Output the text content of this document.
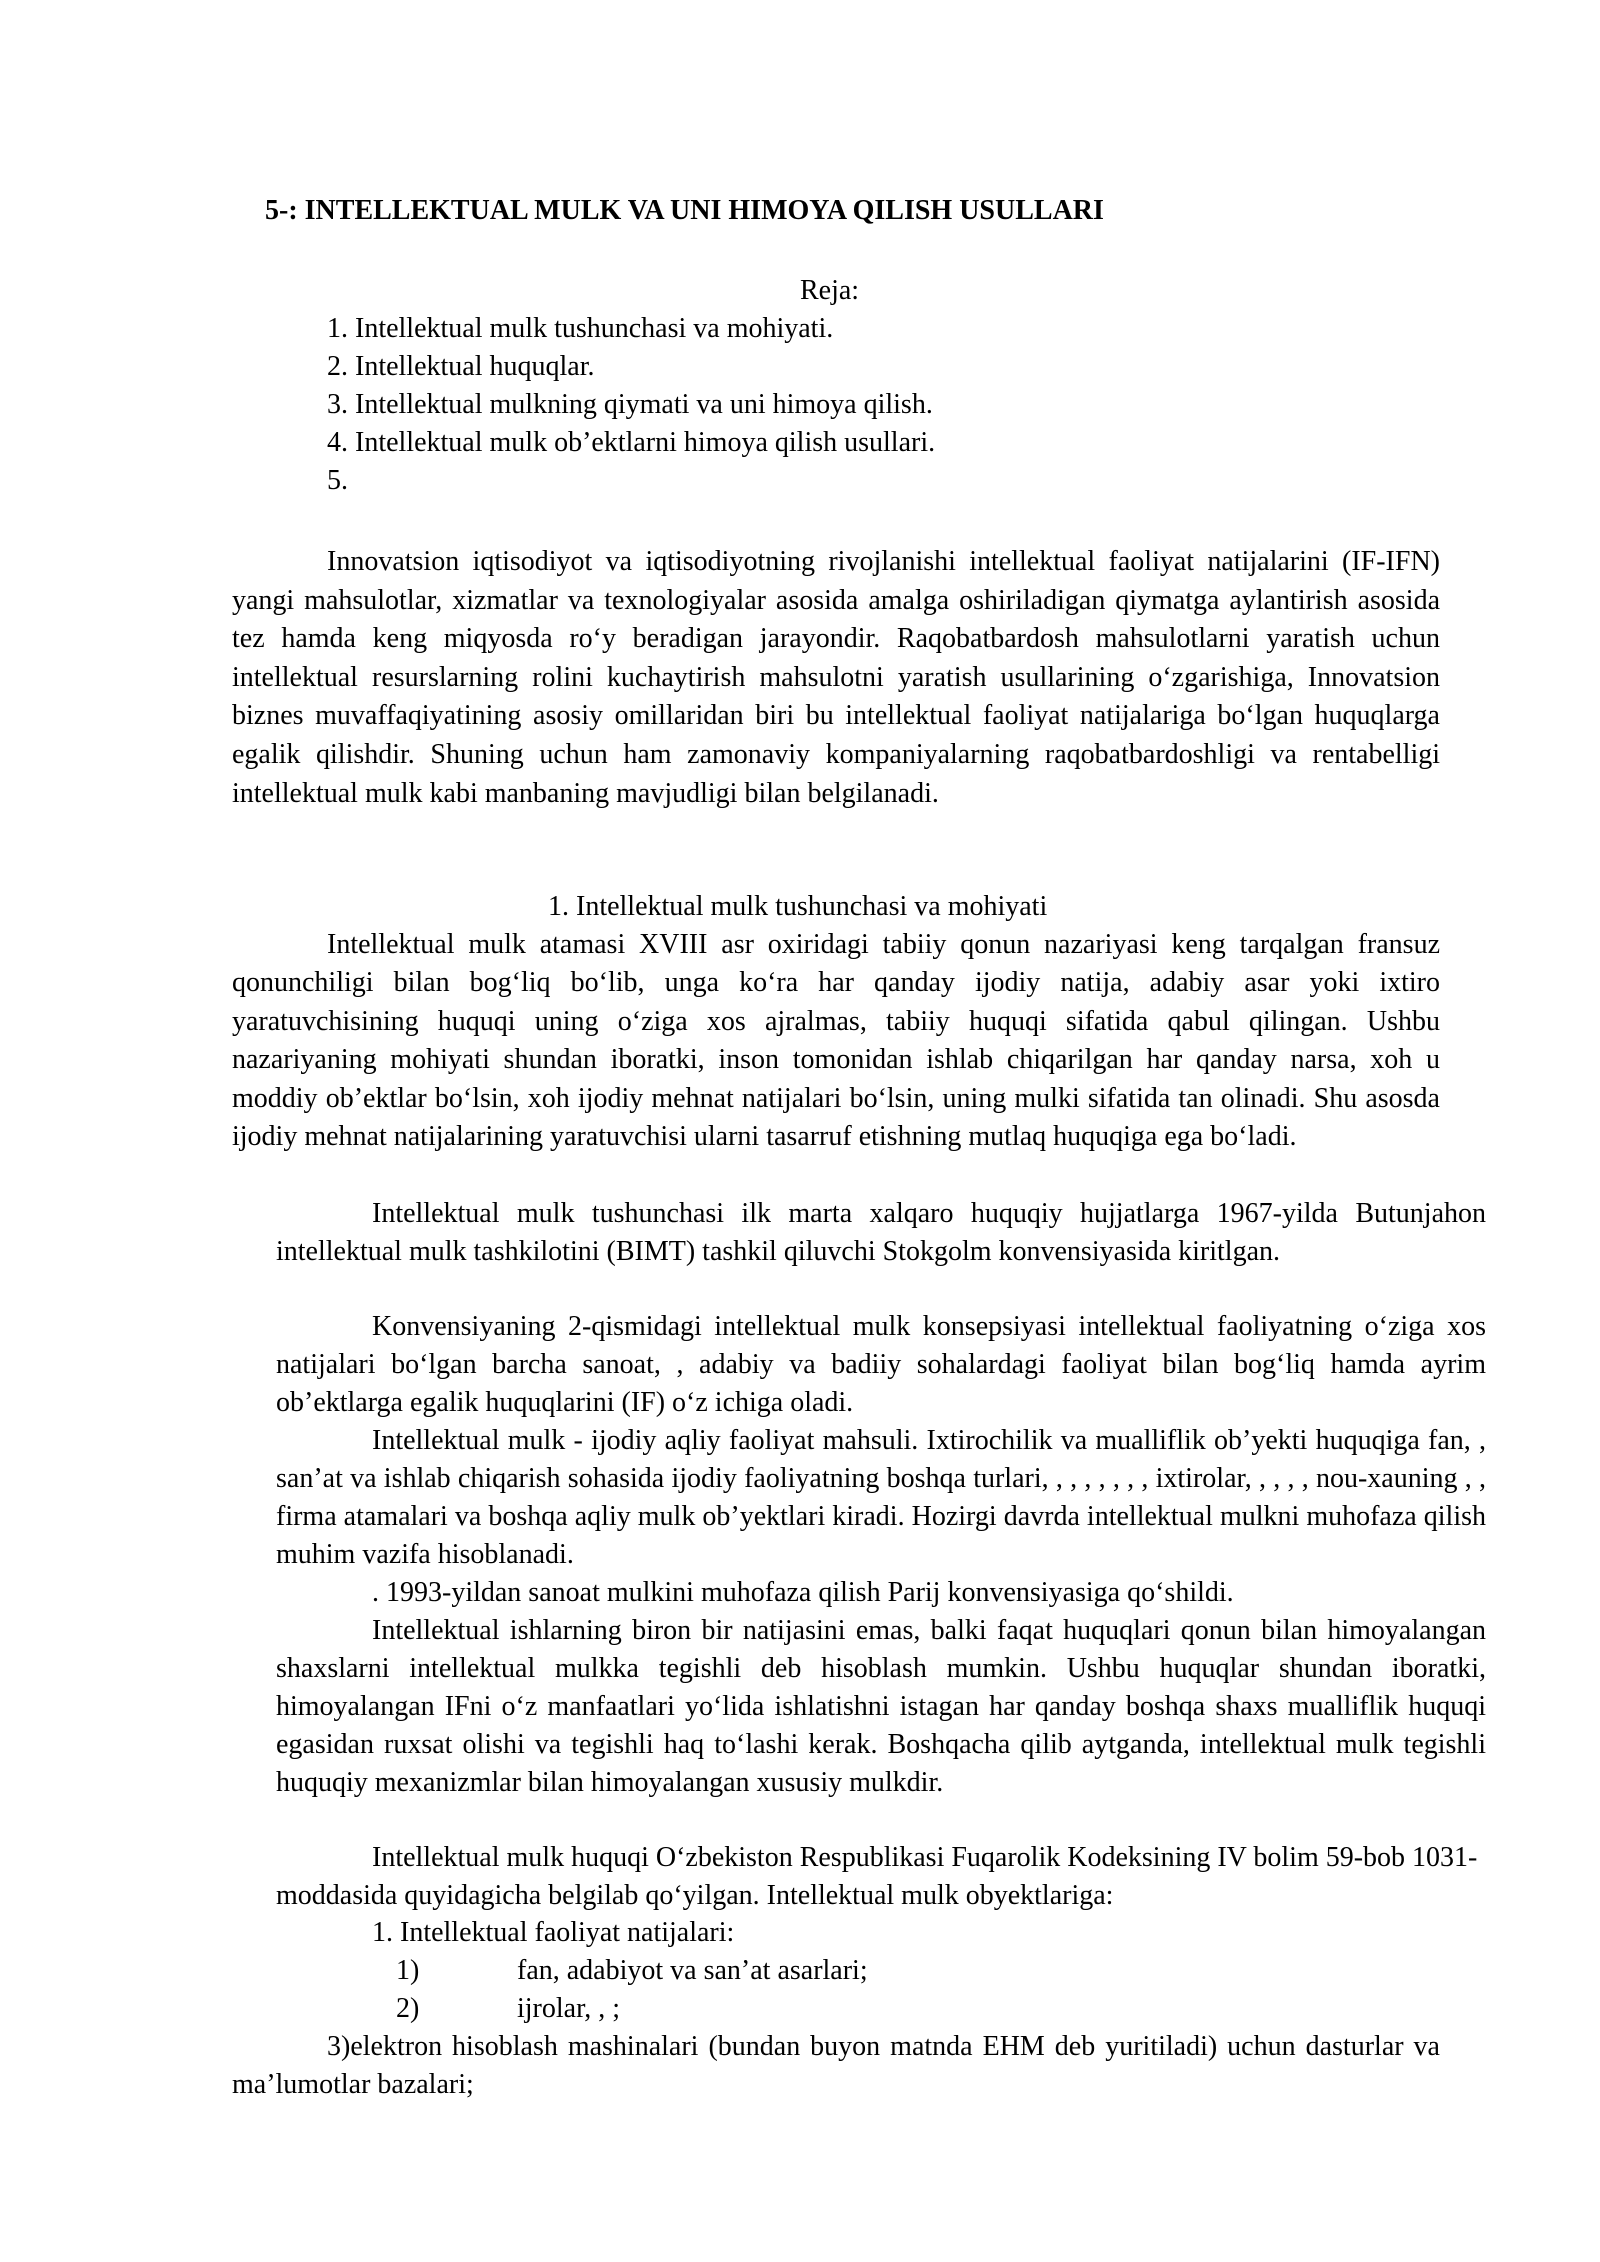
5-: INTELLEKTUAL MULK VA UNI HIMOYA QILISH USULLARI
Reja:
1. Intellektual mulk tushunchasi va mohiyati.
2. Intellektual huquqlar.
3. Intellektual mulkning qiymati va uni himoya qilish.
4. Intellektual mulk ob’ektlarni himoya qilish usullari.
5.

Innovatsion iqtisodiyot va iqtisodiyotning rivojlanishi intellektual faoliyat natijalarini (IF-IFN) yangi mahsulotlar, xizmatlar va texnologiyalar asosida amalga oshiriladigan qiymatga aylantirish asosida tez hamda keng miqyosda ro‘y beradigan jarayondir. Raqobatbardosh mahsulotlarni yaratish uchun intellektual resurslarning rolini kuchaytirish mahsulotni yaratish usullarining o‘zgarishiga, Innovatsion biznes muvaffaqiyatining asosiy omillaridan biri bu intellektual faoliyat natijalariga bo‘lgan huquqlarga egalik qilishdir. Shuning uchun ham zamonaviy kompaniyalarning raqobatbardoshligi va rentabelligi intellektual mulk kabi manbaning mavjudligi bilan belgilanadi.

1. Intellektual mulk tushunchasi va mohiyati

Intellektual mulk atamasi XVIII asr oxiridagi tabiiy qonun nazariyasi keng tarqalgan fransuz qonunchiligi bilan bog‘liq bo‘lib, unga ko‘ra har qanday ijodiy natija, adabiy asar yoki ixtiro yaratuvchisining huquqi uning o‘ziga xos ajralmas, tabiiy huquqi sifatida qabul qilingan. Ushbu nazariyaning mohiyati shundan iboratki, inson tomonidan ishlab chiqarilgan har qanday narsa, xoh u moddiy ob’ektlar bo‘lsin, xoh ijodiy mehnat natijalari bo‘lsin, uning mulki sifatida tan olinadi. Shu asosda ijodiy mehnat natijalarining yaratuvchisi ularni tasarruf etishning mutlaq huquqiga ega bo‘ladi.

Intellektual mulk tushunchasi ilk marta xalqaro huquqiy hujjatlarga 1967-yilda Butunjahon intellektual mulk tashkilotini (BIMT) tashkil qiluvchi Stokgolm konvensiyasida kiritlgan.

Konvensiyaning 2-qismidagi intellektual mulk konsepsiyasi intellektual faoliyatning o‘ziga xos natijalari bo‘lgan barcha sanoat, , adabiy va badiiy sohalardagi faoliyat bilan bog‘liq hamda ayrim ob’ektlarga egalik huquqlarini (IF) o‘z ichiga oladi.

Intellektual mulk - ijodiy aqliy faoliyat mahsuli. Ixtirochilik va mualliflik ob’yekti huquqiga fan, , san’at va ishlab chiqarish sohasida ijodiy faoliyatning boshqa turlari, , , , , , , , ixtirolar, , , , , nou-xauning , , firma atamalari va boshqa aqliy mulk ob’yektlari kiradi. Hozirgi davrda intellektual mulkni muhofaza qilish muhim vazifa hisoblanadi.

. 1993-yildan sanoat mulkini muhofaza qilish Parij konvensiyasiga qo‘shildi.

Intellektual ishlarning biron bir natijasini emas, balki faqat huquqlari qonun bilan himoyalangan shaxslarni intellektual mulkka tegishli deb hisoblash mumkin. Ushbu huquqlar shundan iboratki, himoyalangan IFni o‘z manfaatlari yo‘lida ishlatishni istagan har qanday boshqa shaxs mualliflik huquqi egasidan ruxsat olishi va tegishli haq to‘lashi kerak. Boshqacha qilib aytganda, intellektual mulk tegishli huquqiy mexanizmlar bilan himoyalangan xususiy mulkdir.

Intellektual mulk huquqi O‘zbekiston Respublikasi Fuqarolik Kodeksining IV bolim 59-bob 1031-moddasida quyidagicha belgilab qo‘yilgan. Intellektual mulk obyektlariga:

1. Intellektual faoliyat natijalari:
1)	fan, adabiyot va san’at asarlari;
2)	ijrolar, , ;

3)elektron hisoblash mashinalari (bundan buyon matnda EHM deb yuritiladi) uchun dasturlar va ma’lumotlar bazalari;
